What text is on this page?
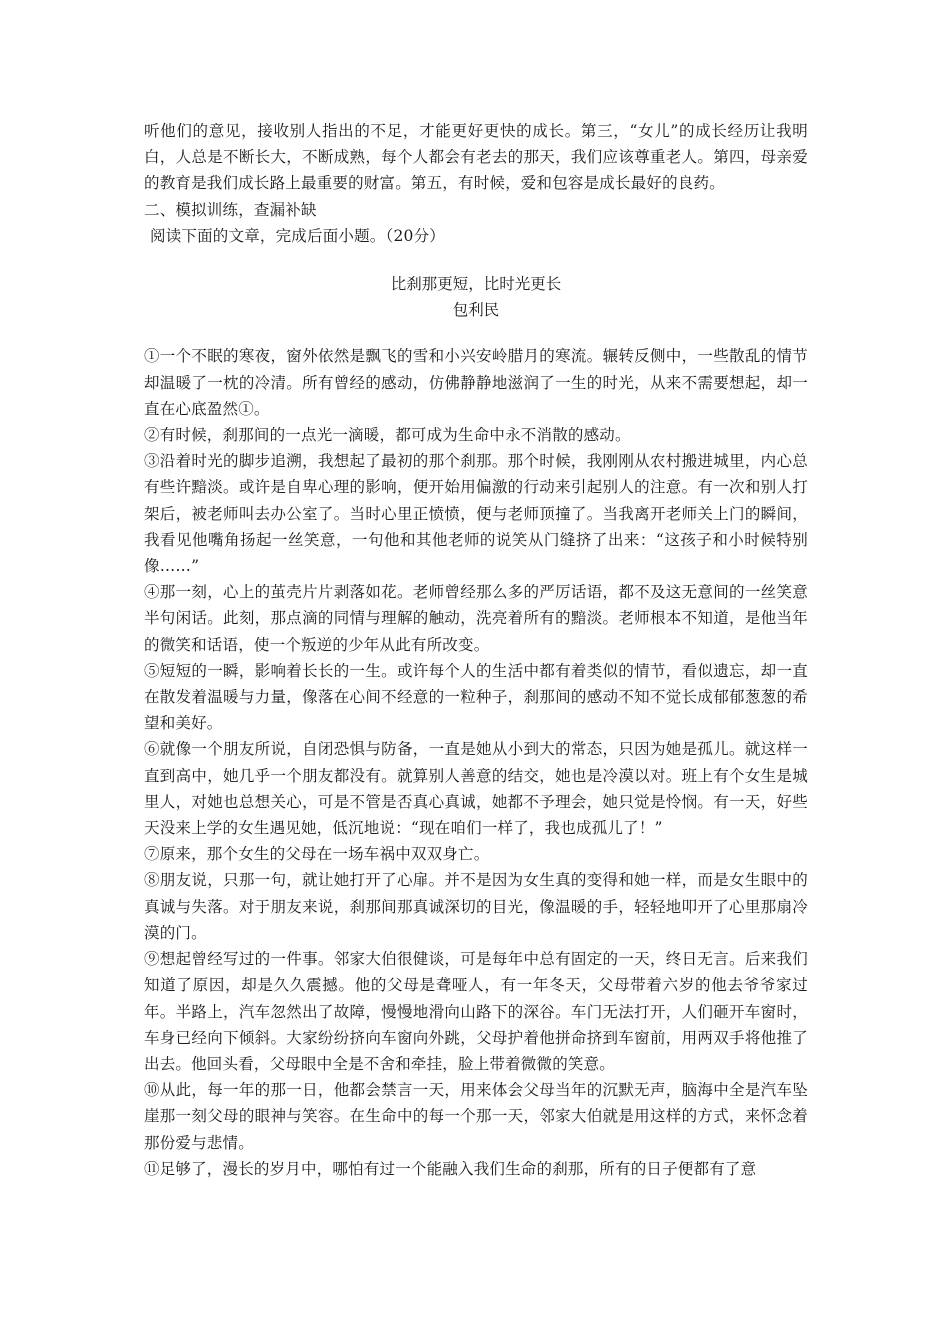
听他们的意见，接收别人指出的不足，才能更好更快的成长。第三，“女儿”的成长经历让我明白，人总是不断长大，不断成熟，每个人都会有老去的那天，我们应该尊重老人。第四，母亲爱的教育是我们成长路上最重要的财富。第五，有时候，爱和包容是成长最好的良药。

二、模拟训练，查漏补缺

阅读下面的文章，完成后面小题。（20分）

比刹那更短，比时光更长
包利民

①一个不眠的寒夜，窗外依然是飘飞的雪和小兴安岭腊月的寒流。辗转反侧中，一些散乱的情节却温暖了一枕的冷清。所有曾经的感动，仿佛静静地滋润了一生的时光，从来不需要想起，却一直在心底盈然①。

②有时候，刹那间的一点光一滴暖，都可成为生命中永不消散的感动。

③沿着时光的脚步追溯，我想起了最初的那个刹那。那个时候，我刚刚从农村搬进城里，内心总有些许黯淡。或许是自卑心理的影响，便开始用偏激的行动来引起别人的注意。有一次和别人打架后，被老师叫去办公室了。当时心里正愤愤，便与老师顶撞了。当我离开老师关上门的瞬间，我看见他嘴角扬起一丝笑意，一句他和其他老师的说笑从门缝挤了出来：“这孩子和小时候特别像……”

④那一刻，心上的茧壳片片剥落如花。老师曾经那么多的严厉话语，都不及这无意间的一丝笑意半句闲话。此刻，那点滴的同情与理解的触动，洗亮着所有的黯淡。老师根本不知道，是他当年的微笑和话语，使一个叛逆的少年从此有所改变。

⑤短短的一瞬，影响着长长的一生。或许每个人的生活中都有着类似的情节，看似遗忘，却一直在散发着温暖与力量，像落在心间不经意的一粒种子，刹那间的感动不知不觉长成郁郁葱葱的希望和美好。

⑥就像一个朋友所说，自闭恐惧与防备，一直是她从小到大的常态，只因为她是孤儿。就这样一直到高中，她几乎一个朋友都没有。就算别人善意的结交，她也是冷漠以对。班上有个女生是城里人，对她也总想关心，可是不管是否真心真诚，她都不予理会，她只觉是怜悯。有一天，好些天没来上学的女生遇见她，低沉地说：“现在咱们一样了，我也成孤儿了！”

⑦原来，那个女生的父母在一场车祸中双双身亡。

⑧朋友说，只那一句，就让她打开了心扉。并不是因为女生真的变得和她一样，而是女生眼中的真诚与失落。对于朋友来说，刹那间那真诚深切的目光，像温暖的手，轻轻地叩开了心里那扇冷漠的门。

⑨想起曾经写过的一件事。邻家大伯很健谈，可是每年中总有固定的一天，终日无言。后来我们知道了原因，却是久久震撼。他的父母是聋哑人，有一年冬天，父母带着六岁的他去爷爷家过年。半路上，汽车忽然出了故障，慢慢地滑向山路下的深谷。车门无法打开，人们砸开车窗时，车身已经向下倾斜。大家纷纷挤向车窗向外跳，父母护着他拼命挤到车窗前，用两双手将他推了出去。他回头看，父母眼中全是不舍和牵挂，脸上带着微微的笑意。

⑩从此，每一年的那一日，他都会禁言一天，用来体会父母当年的沉默无声，脑海中全是汽车坠崖那一刻父母的眼神与笑容。在生命中的每一个那一天，邻家大伯就是用这样的方式，来怀念着那份爱与悲情。

⑪足够了，漫长的岁月中，哪怕有过一个能融入我们生命的刹那，所有的日子便都有了意
